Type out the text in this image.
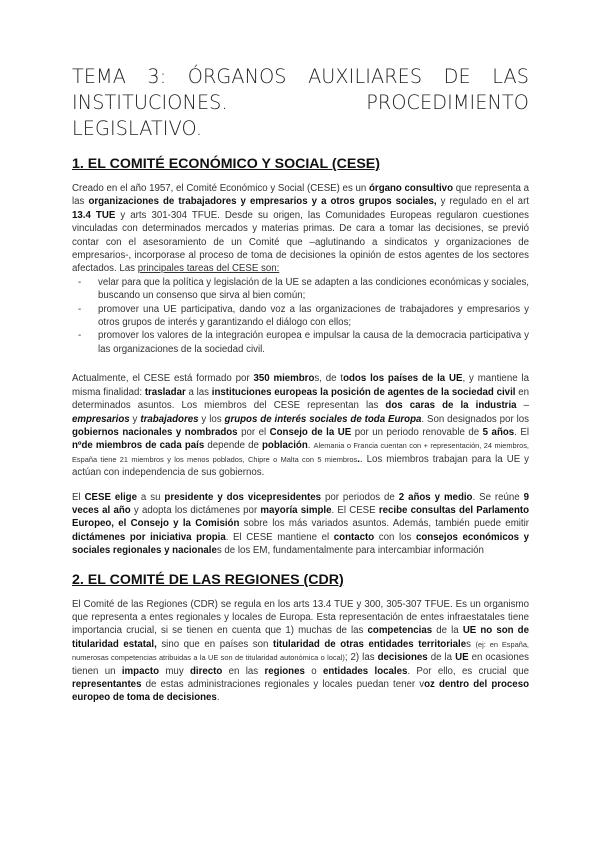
TEMA 3: ÓRGANOS AUXILIARES DE LAS
INSTITUCIONES. PROCEDIMIENTO LEGISLATIVO.
1. EL COMITÉ ECONÓMICO Y SOCIAL (CESE)

Creado en el año 1957, el Comité Económico y Social (CESE) es un órgano consultivo que representa a las organizaciones de trabajadores y empresarios y a otros grupos sociales, y regulado en el art 13.4 TUE y arts 301-304 TFUE. Desde su origen, las Comunidades Europeas regularon cuestiones vinculadas con determinados mercados y materias primas. De cara a tomar las decisiones, se previó contar con el asesoramiento de un Comité que –aglutinando a sindicatos y organizaciones de empresarios-, incorporase al proceso de toma de decisiones la opinión de estos agentes de los sectores afectados. Las principales tareas del CESE son:

- velar para que la política y legislación de la UE se adapten a las condiciones económicas y sociales, buscando un consenso que sirva al bien común;
- promover una UE participativa, dando voz a las organizaciones de trabajadores y empresarios y otros grupos de interés y garantizando el diálogo con ellos;
- promover los valores de la integración europea e impulsar la causa de la democracia participativa y las organizaciones de la sociedad civil.

Actualmente, el CESE está formado por 350 miembros, de todos los países de la UE, y mantiene la misma finalidad: trasladar a las instituciones europeas la posición de agentes de la sociedad civil en determinados asuntos. Los miembros del CESE representan las dos caras de la industria –empresarios y trabajadores y los grupos de interés sociales de toda Europa. Son designados por los gobiernos nacionales y nombrados por el Consejo de la UE por un periodo renovable de 5 años. El nºde miembros de cada país depende de población. Alemania o Francia cuentan con + representación, 24 miembros, España tiene 21 miembros y los menos poblados, Chipre o Malta con 5 miembros.. Los miembros trabajan para la UE y actúan con independencia de sus gobiernos.

El CESE elige a su presidente y dos vicepresidentes por periodos de 2 años y medio. Se reúne 9 veces al año y adopta los dictámenes por mayoría simple. El CESE recibe consultas del Parlamento Europeo, el Consejo y la Comisión sobre los más variados asuntos. Además, también puede emitir dictámenes por iniciativa propia. El CESE mantiene el contacto con los consejos económicos y sociales regionales y nacionales de los EM, fundamentalmente para intercambiar información

2. EL COMITÉ DE LAS REGIONES (CDR)

El Comité de las Regiones (CDR) se regula en los arts 13.4 TUE y 300, 305-307 TFUE. Es un organismo que representa a entes regionales y locales de Europa. Esta representación de entes infraestatales tiene importancia crucial, si se tienen en cuenta que 1) muchas de las competencias de la UE no son de titularidad estatal, sino que en países son titularidad de otras entidades territoriales (ej: en España, numerosas competencias atribuidas a la UE son de titularidad autonómica o local); 2) las decisiones de la UE en ocasiones tienen un impacto muy directo en las regiones o entidades locales. Por ello, es crucial que representantes de estas administraciones regionales y locales puedan tener voz dentro del proceso europeo de toma de decisiones.
